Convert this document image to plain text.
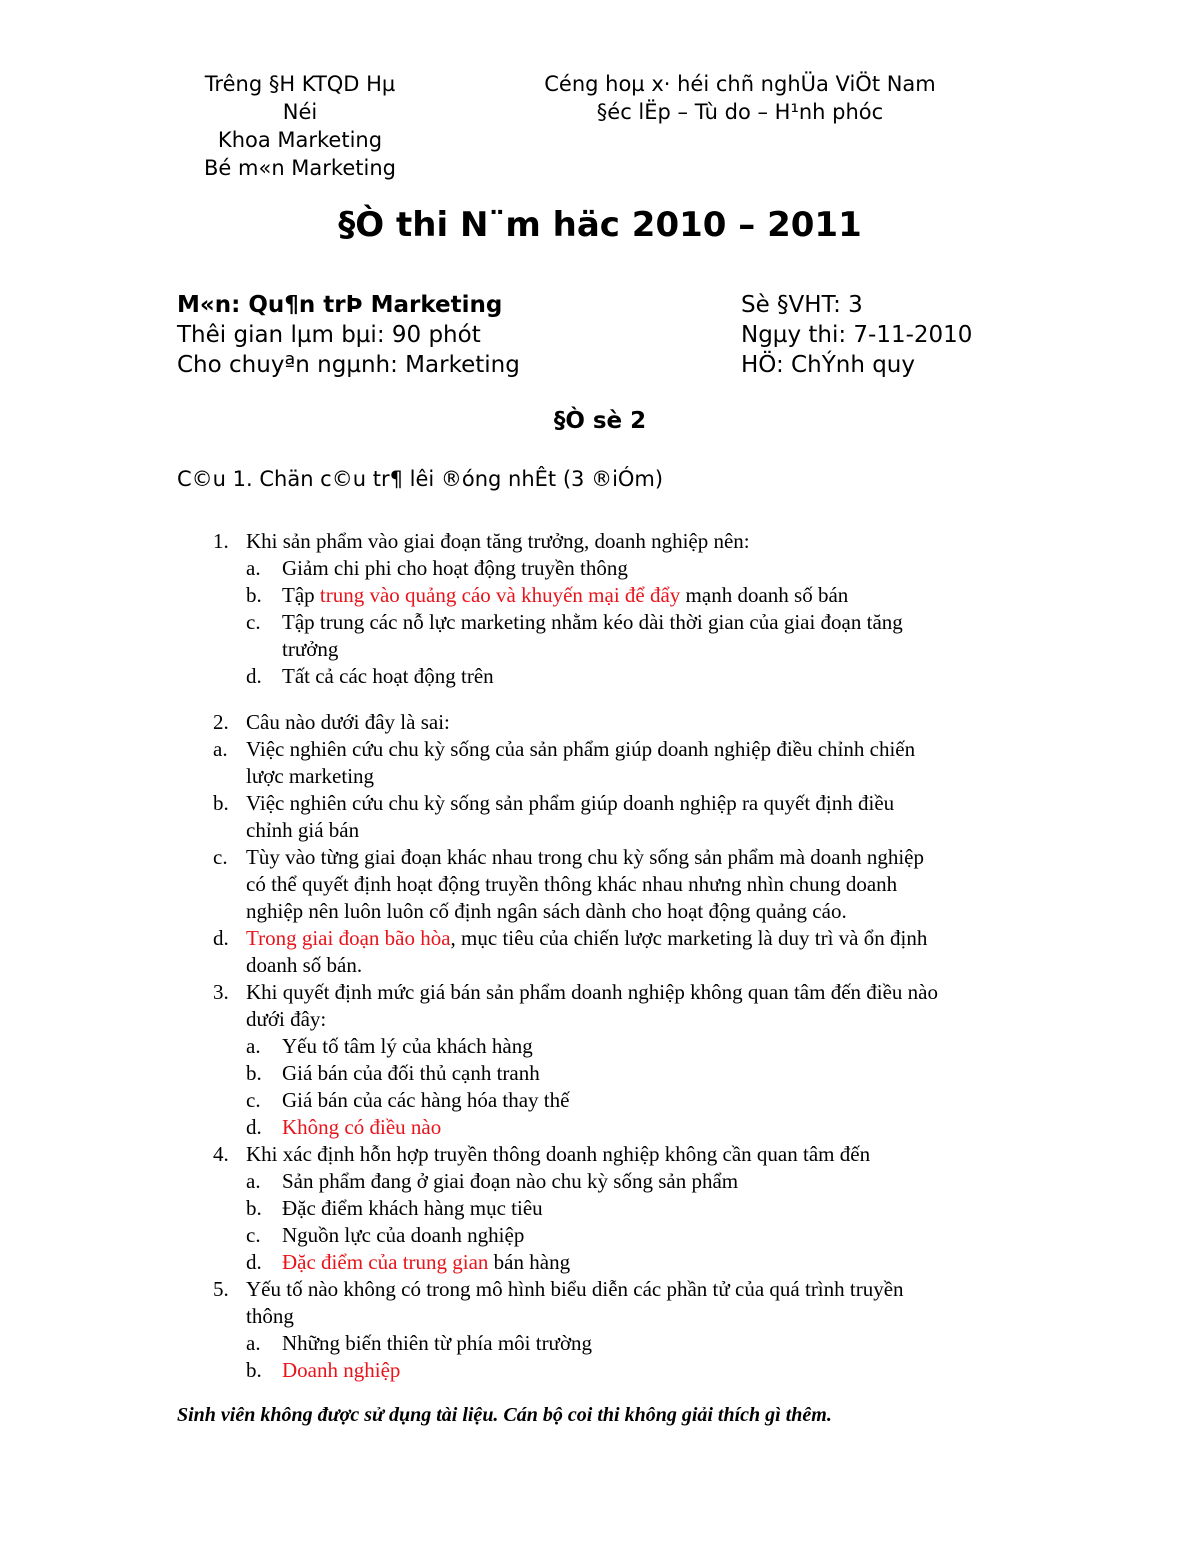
Trêng §H KTQD Hµ
Néi
Khoa Marketing
Bé m«n Marketing
Céng hoµ x· héi chñ nghÜa ViÖt Nam
§éc lËp – Tù do – H¹nh phóc
§Ò thi N¨m häc 2010 – 2011
M«n: Qu¶n trÞ Marketing
Thêi gian lµm bµi: 90 phót
Cho chuyªn ngµnh: Marketing
Sè §VHT: 3
Ngµy thi: 7-11-2010
HÖ: ChÝnh quy
§Ò sè 2
C©u 1. Chän c©u tr¶ lêi ®óng nhÊt (3 ®iÓm)
1. Khi sản phẩm vào giai đoạn tăng trưởng, doanh nghiệp nên:
a. Giảm chi phi cho hoạt động truyền thông
b. Tập trung vào quảng cáo và khuyến mại để đẩy mạnh doanh số bán
c. Tập trung các nỗ lực marketing nhằm kéo dài thời gian của giai đoạn tăng
trưởng
d. Tất cả các hoạt động trên
2. Câu nào dưới đây là sai:
a. Việc nghiên cứu chu kỳ sống của sản phẩm giúp doanh nghiệp điều chỉnh chiến
lược marketing
b. Việc nghiên cứu chu kỳ sống sản phẩm giúp doanh nghiệp ra quyết định điều
chỉnh giá bán
c. Tùy vào từng giai đoạn khác nhau trong chu kỳ sống sản phẩm mà doanh nghiệp
có thể quyết định hoạt động truyền thông khác nhau nhưng nhìn chung doanh
nghiệp nên luôn luôn cố định ngân sách dành cho hoạt động quảng cáo.
d. Trong giai đoạn bão hòa, mục tiêu của chiến lược marketing là duy trì và ổn định
doanh số bán.
3. Khi quyết định mức giá bán sản phẩm doanh nghiệp không quan tâm đến điều nào
dưới đây:
a. Yếu tố tâm lý của khách hàng
b. Giá bán của đối thủ cạnh tranh
c. Giá bán của các hàng hóa thay thế
d. Không có điều nào
4. Khi xác định hỗn hợp truyền thông doanh nghiệp không cần quan tâm đến
a. Sản phẩm đang ở giai đoạn nào chu kỳ sống sản phẩm
b. Đặc điểm khách hàng mục tiêu
c. Nguồn lực của doanh nghiệp
d. Đặc điểm của trung gian bán hàng
5. Yếu tố nào không có trong mô hình biểu diễn các phần tử của quá trình truyền
thông
a. Những biến thiên từ phía môi trường
b. Doanh nghiệp
Sinh viên không được sử dụng tài liệu. Cán bộ coi thi không giải thích gì thêm.
